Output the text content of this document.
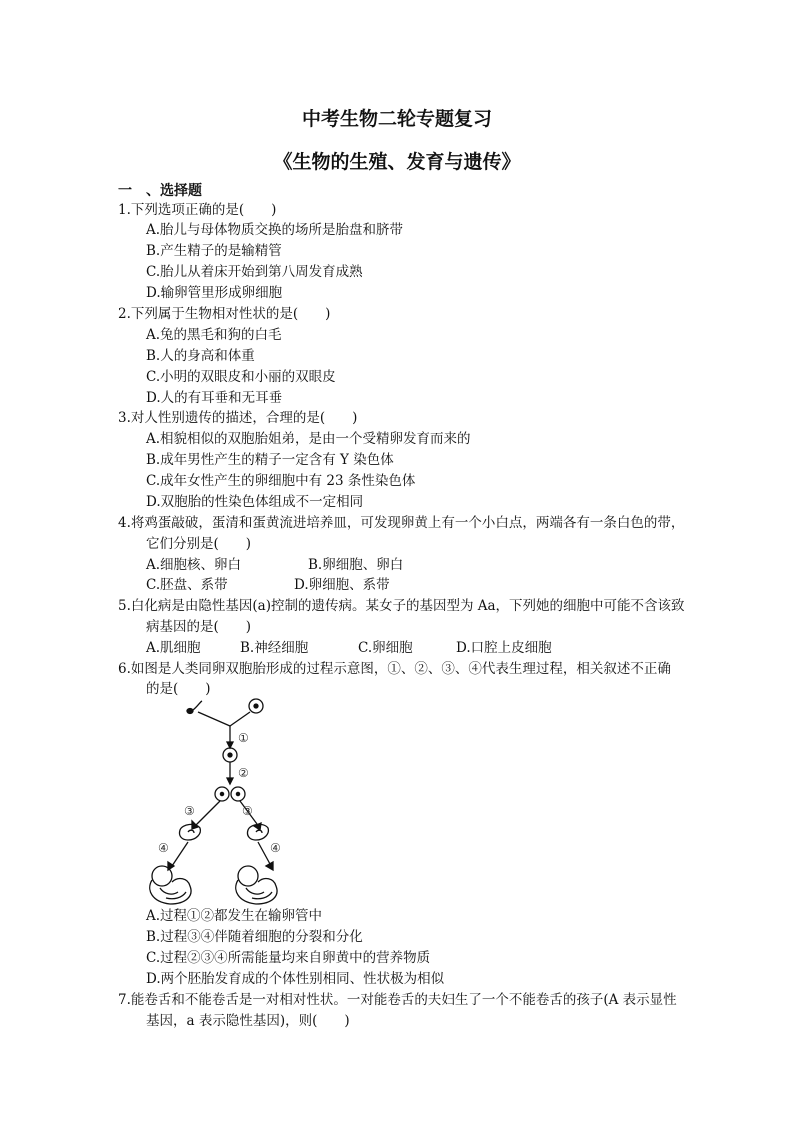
中考生物二轮专题复习
《生物的生殖、发育与遗传》
一　、选择题
1.下列选项正确的是(　　)
A.胎儿与母体物质交换的场所是胎盘和脐带
B.产生精子的是输精管
C.胎儿从着床开始到第八周发育成熟
D.输卵管里形成卵细胞
2.下列属于生物相对性状的是(　　)
A.兔的黑毛和狗的白毛
B.人的身高和体重
C.小明的双眼皮和小丽的双眼皮
D.人的有耳垂和无耳垂
3.对人性别遗传的描述，合理的是(　　)
A.相貌相似的双胞胎姐弟，是由一个受精卵发育而来的
B.成年男性产生的精子一定含有 Y 染色体
C.成年女性产生的卵细胞中有 23 条性染色体
D.双胞胎的性染色体组成不一定相同
4.将鸡蛋敲破，蛋清和蛋黄流进培养皿，可发现卵黄上有一个小白点，两端各有一条白色的带，
它们分别是(　　)
A.细胞核、卵白	B.卵细胞、卵白
C.胚盘、系带	D.卵细胞、系带
5.白化病是由隐性基因(a)控制的遗传病。某女子的基因型为 Aa，下列她的细胞中可能不含该致
病基因的是(　　)
A.肌细胞	B.神经细胞	C.卵细胞	D.口腔上皮细胞
6.如图是人类同卵双胞胎形成的过程示意图，①、②、③、④代表生理过程，相关叙述不正确
的是(　　)
①
②
③	③
④	④
A.过程①②都发生在输卵管中
B.过程③④伴随着细胞的分裂和分化
C.过程②③④所需能量均来自卵黄中的营养物质
D.两个胚胎发育成的个体性别相同、性状极为相似
7.能卷舌和不能卷舌是一对相对性状。一对能卷舌的夫妇生了一个不能卷舌的孩子(A 表示显性
基因，a 表示隐性基因)，则(　　)
